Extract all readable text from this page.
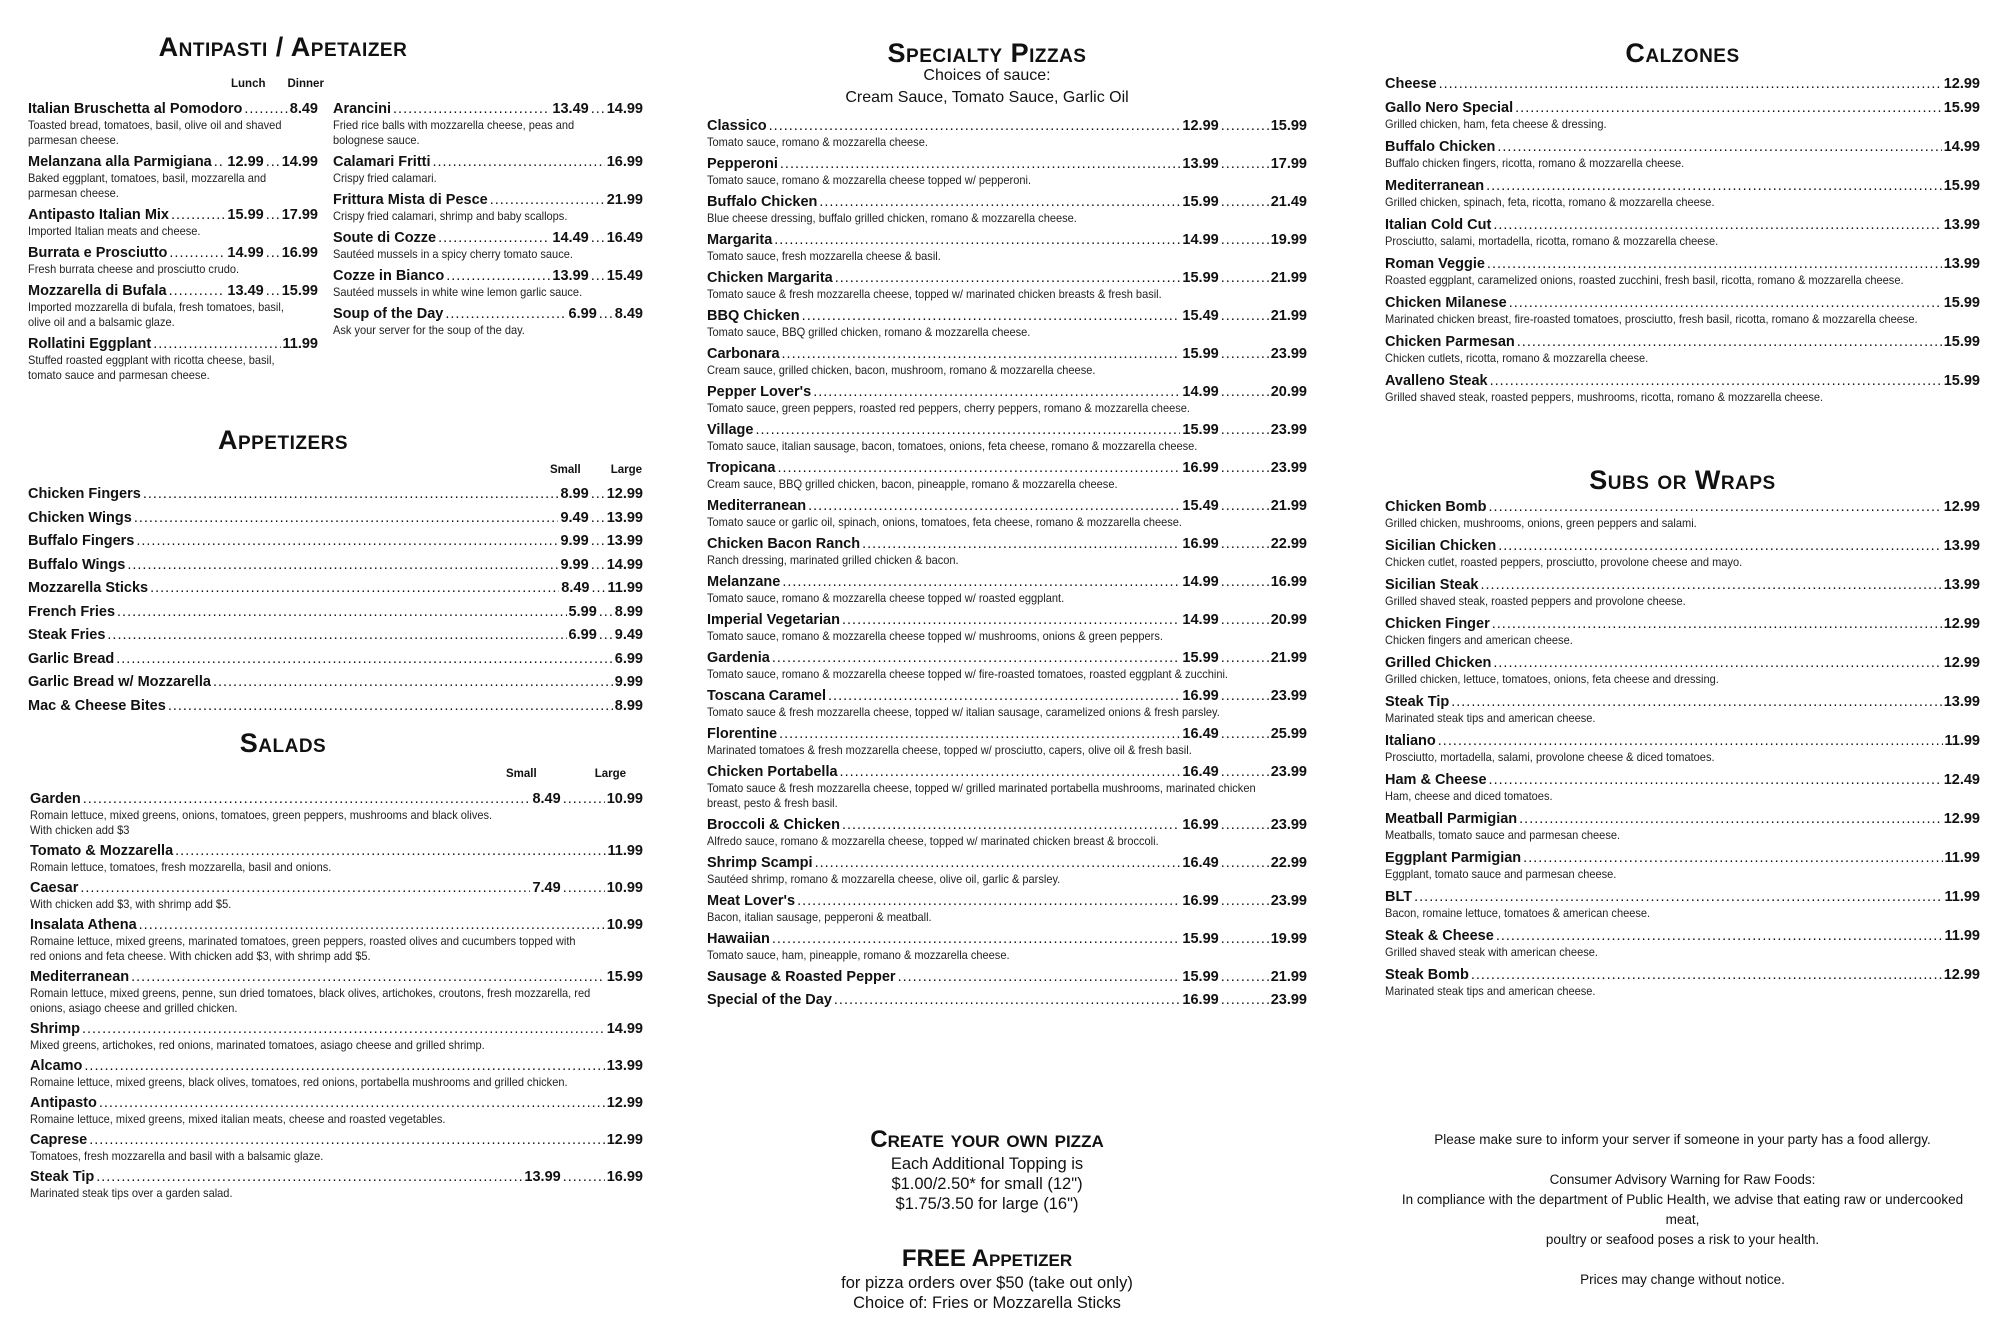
Antipasti / Apetaizer
Lunch Dinner
Italian Bruschetta al Pomodoro .....	8.49
Toasted bread, tomatoes, basil, olive oil and shaved parmesan cheese.
Melanzana alla Parmigiana ..... 12.99 ..... 14.99
Baked eggplant, tomatoes, basil, mozzarella and parmesan cheese.
Antipasto Italian Mix .....	15.99 ..... 17.99
Imported Italian meats and cheese.
Burrata e Prosciutto .....	14.99 ..... 16.99
Fresh burrata cheese and prosciutto crudo.
Mozzarella di Bufala .....	13.49 ..... 15.99
Imported mozzarella di bufala, fresh tomatoes, basil, olive oil and a balsamic glaze.
Rollatini Eggplant .....	11.99
Stuffed roasted eggplant with ricotta cheese, basil, tomato sauce and parmesan cheese.
Arancini .....	13.49 ..... 14.99
Fried rice balls with mozzarella cheese, peas and bolognese sauce.
Calamari Fritti .....	16.99
Crispy fried calamari.
Frittura Mista di Pesce .....	21.99
Crispy fried calamari, shrimp and baby scallops.
Soute di Cozze .....	14.49 ..... 16.49
Sautéed mussels in a spicy cherry tomato sauce.
Cozze in Bianco .....	13.99 ..... 15.49
Sautéed mussels in white wine lemon garlic sauce.
Soup of the Day .....	6.99 ..... 8.49
Ask your server for the soup of the day.
Appetizers
Small	Large
Chicken Fingers .....	8.99 ..... 12.99
Chicken Wings .....	9.49 ..... 13.99
Buffalo Fingers .....	9.99 ..... 13.99
Buffalo Wings .....	9.99 ..... 14.99
Mozzarella Sticks .....	8.49 ..... 11.99
French Fries .....	5.99 ..... 8.99
Steak Fries .....	6.99 ..... 9.49
Garlic Bread .....	6.99
Garlic Bread w/ Mozzarella .....	9.99
Mac & Cheese Bites .....	8.99
Salads
Small	Large
Garden .....	8.49 .....	10.99
Romain lettuce, mixed greens, onions, tomatoes, green peppers, mushrooms and black olives.
With chicken add $3
Tomato & Mozzarella .....	11.99
Romain lettuce, tomatoes, fresh mozzarella, basil and onions.
Caesar .....	7.49 .....	10.99
With chicken add $3, with shrimp add $5.
Insalata Athena .....	10.99
Romaine lettuce, mixed greens, marinated tomatoes, green peppers, roasted olives and cucumbers topped with red onions and feta cheese. With chicken add $3, with shrimp add $5.
Mediterranean .....	15.99
Romain lettuce, mixed greens, penne, sun dried tomatoes, black olives, artichokes, croutons, fresh mozzarella, red onions, asiago cheese and grilled chicken.
Shrimp .....	14.99
Mixed greens, artichokes, red onions, marinated tomatoes, asiago cheese and grilled shrimp.
Alcamo .....	13.99
Romaine lettuce, mixed greens, black olives, tomatoes, red onions, portabella mushrooms and grilled chicken.
Antipasto .....	12.99
Romaine lettuce, mixed greens, mixed italian meats, cheese and roasted vegetables.
Caprese .....	12.99
Tomatoes, fresh mozzarella and basil with a balsamic glaze.
Steak Tip .....	13.99 .....	16.99
Marinated steak tips over a garden salad.
Specialty Pizzas
Choices of sauce:
Cream Sauce, Tomato Sauce, Garlic Oil
Classico .....	12.99 .....	15.99
Tomato sauce, romano & mozzarella cheese.
Pepperoni .....	13.99 .....	17.99
Tomato sauce, romano & mozzarella cheese topped w/ pepperoni.
Buffalo Chicken .....	15.99 .....	21.49
Blue cheese dressing, buffalo grilled chicken, romano & mozzarella cheese.
Margarita .....	14.99 .....	19.99
Tomato sauce, fresh mozzarella cheese & basil.
Chicken Margarita .....	15.99 .....	21.99
Tomato sauce & fresh mozzarella cheese, topped w/ marinated chicken breasts & fresh basil.
BBQ Chicken .....	15.49 .....	21.99
Tomato sauce, BBQ grilled chicken, romano & mozzarella cheese.
Carbonara .....	15.99 .....	23.99
Cream sauce, grilled chicken, bacon, mushroom, romano & mozzarella cheese.
Pepper Lover's .....	14.99 .....	20.99
Tomato sauce, green peppers, roasted red peppers, cherry peppers, romano & mozzarella cheese.
Village .....	15.99 .....	23.99
Tomato sauce, italian sausage, bacon, tomatoes, onions, feta cheese, romano & mozzarella cheese.
Tropicana .....	16.99 .....	23.99
Cream sauce, BBQ grilled chicken, bacon, pineapple, romano & mozzarella cheese.
Mediterranean .....	15.49 .....	21.99
Tomato sauce or garlic oil, spinach, onions, tomatoes, feta cheese, romano & mozzarella cheese.
Chicken Bacon Ranch .....	16.99 .....	22.99
Ranch dressing, marinated grilled chicken & bacon.
Melanzane .....	14.99 .....	16.99
Tomato sauce, romano & mozzarella cheese topped w/ roasted eggplant.
Imperial Vegetarian .....	14.99 .....	20.99
Tomato sauce, romano & mozzarella cheese topped w/ mushrooms, onions & green peppers.
Gardenia .....	15.99 .....	21.99
Tomato sauce, romano & mozzarella cheese topped w/ fire-roasted tomatoes, roasted eggplant & zucchini.
Toscana Caramel .....	16.99 .....	23.99
Tomato sauce & fresh mozzarella cheese, topped w/ italian sausage, caramelized onions & fresh parsley.
Florentine .....	16.49 .....	25.99
Marinated tomatoes & fresh mozzarella cheese, topped w/ prosciutto, capers, olive oil & fresh basil.
Chicken Portabella .....	16.49 .....	23.99
Tomato sauce & fresh mozzarella cheese, topped w/ grilled marinated portabella mushrooms, marinated chicken breast, pesto & fresh basil.
Broccoli & Chicken .....	16.99 .....	23.99
Alfredo sauce, romano & mozzarella cheese, topped w/ marinated chicken breast & broccoli.
Shrimp Scampi .....	16.49 .....	22.99
Sautéed shrimp, romano & mozzarella cheese, olive oil, garlic & parsley.
Meat Lover's .....	16.99 .....	23.99
Bacon, italian sausage, pepperoni & meatball.
Hawaiian .....	15.99 .....	19.99
Tomato sauce, ham, pineapple, romano & mozzarella cheese.
Sausage & Roasted Pepper .....	15.99 .....	21.99
Special of the Day .....	16.99 .....	23.99
Create your own pizza
Each Additional Topping is
$1.00/2.50* for small (12")
$1.75/3.50 for large (16")
FREE Appetizer
for pizza orders over $50 (take out only)
Choice of: Fries or Mozzarella Sticks
Calzones
Cheese .....	12.99
Gallo Nero Special .....	15.99
Grilled chicken, ham, feta cheese & dressing.
Buffalo Chicken .....	14.99
Buffalo chicken fingers, ricotta, romano & mozzarella cheese.
Mediterranean .....	15.99
Grilled chicken, spinach, feta, ricotta, romano & mozzarella cheese.
Italian Cold Cut .....	13.99
Prosciutto, salami, mortadella, ricotta, romano & mozzarella cheese.
Roman Veggie .....	13.99
Roasted eggplant, caramelized onions, roasted zucchini, fresh basil, ricotta, romano & mozzarella cheese.
Chicken Milanese .....	15.99
Marinated chicken breast, fire-roasted tomatoes, prosciutto, fresh basil, ricotta, romano & mozzarella cheese.
Chicken Parmesan .....	15.99
Chicken cutlets, ricotta, romano & mozzarella cheese.
Avalleno Steak .....	15.99
Grilled shaved steak, roasted peppers, mushrooms, ricotta, romano & mozzarella cheese.
Subs or Wraps
Chicken Bomb .....	12.99
Grilled chicken, mushrooms, onions, green peppers and salami.
Sicilian Chicken .....	13.99
Chicken cutlet, roasted peppers, prosciutto, provolone cheese and mayo.
Sicilian Steak .....	13.99
Grilled shaved steak, roasted peppers and provolone cheese.
Chicken Finger .....	12.99
Chicken fingers and american cheese.
Grilled Chicken .....	12.99
Grilled chicken, lettuce, tomatoes, onions, feta cheese and dressing.
Steak Tip .....	13.99
Marinated steak tips and american cheese.
Italiano .....	11.99
Prosciutto, mortadella, salami, provolone cheese & diced tomatoes.
Ham & Cheese .....	12.49
Ham, cheese and diced tomatoes.
Meatball Parmigian .....	12.99
Meatballs, tomato sauce and parmesan cheese.
Eggplant Parmigian .....	11.99
Eggplant, tomato sauce and parmesan cheese.
BLT .....	11.99
Bacon, romaine lettuce, tomatoes & american cheese.
Steak & Cheese .....	11.99
Grilled shaved steak with american cheese.
Steak Bomb .....	12.99
Marinated steak tips and american cheese.
Please make sure to inform your server if someone in your party has a food allergy.
Consumer Advisory Warning for Raw Foods:
In compliance with the department of Public Health, we advise that eating raw or undercooked meat,
poultry or seafood poses a risk to your health.
Prices may change without notice.
